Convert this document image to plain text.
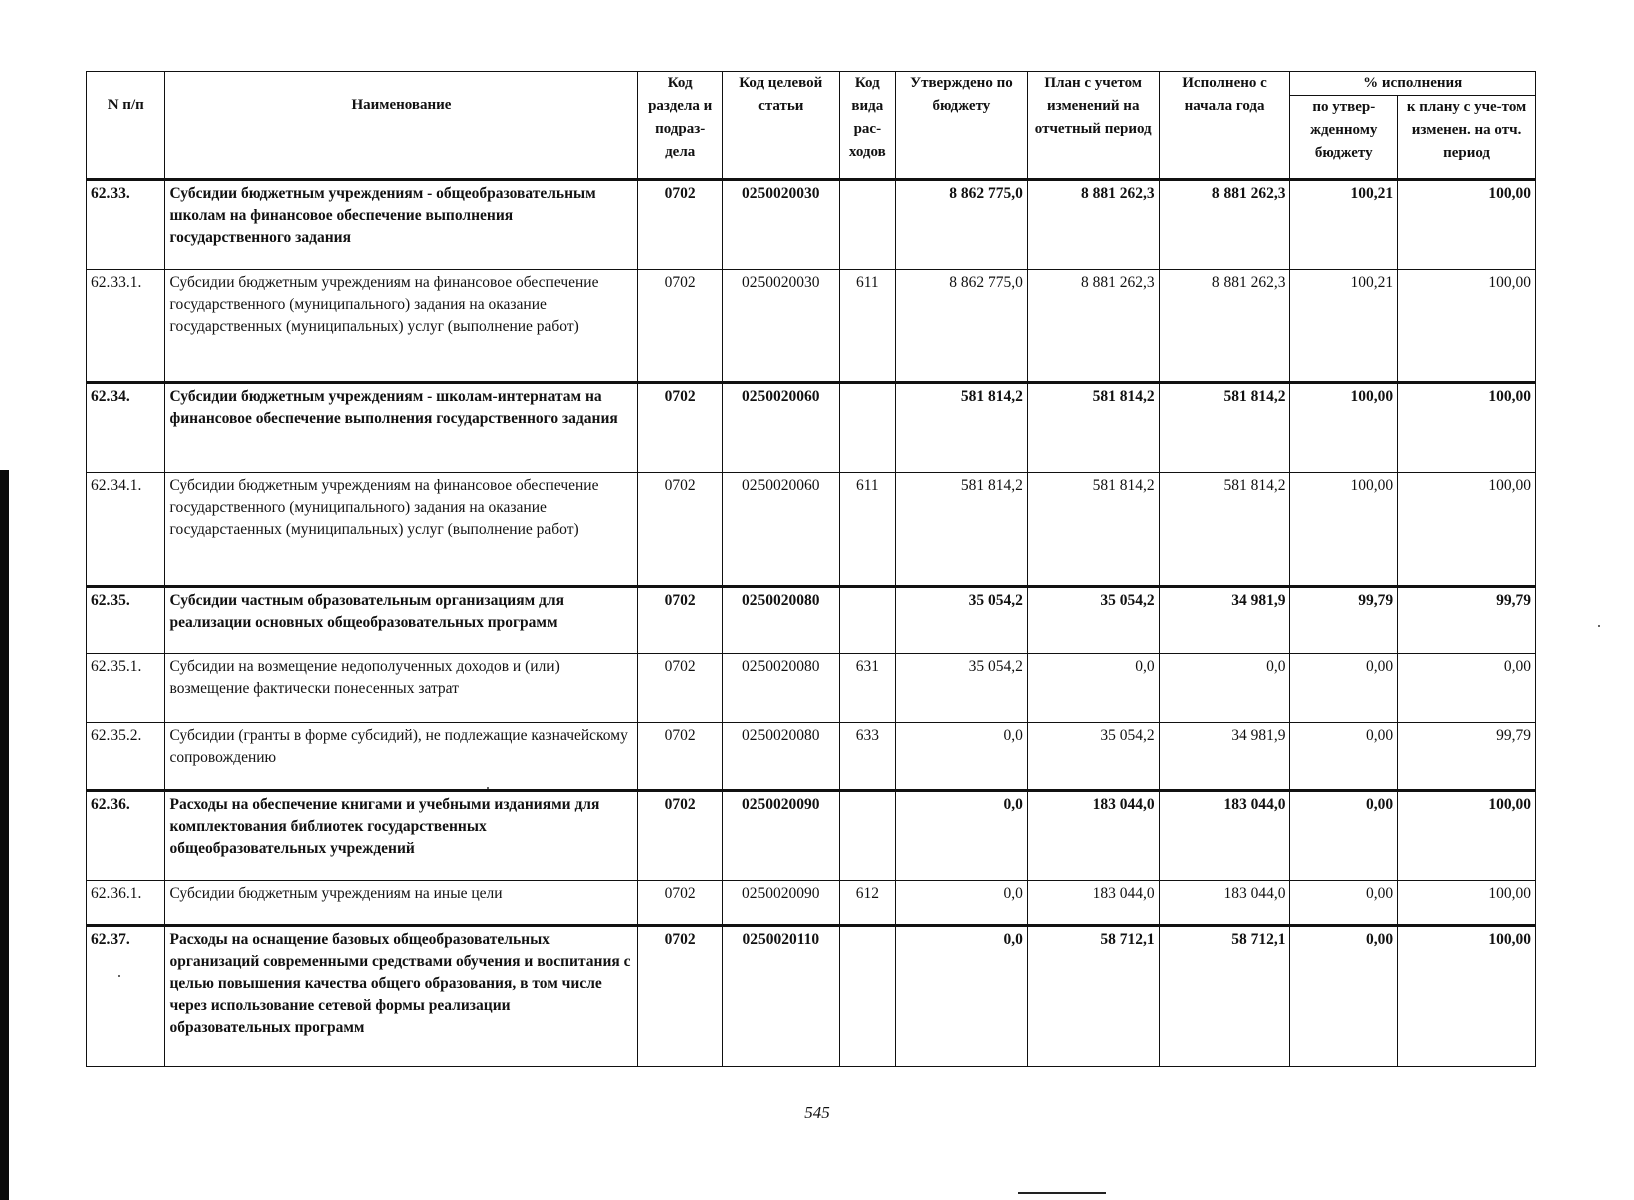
N п/п	Наименование	Код раздела и подраз-дела	Код целевой статьи	Код вида рас-ходов	Утверждено по бюджету	План с учетом изменений на отчетный период	Исполнено с начала года	% исполнения	
								по утвер-жденному бюджету	к плану с уче-том изменен. на отч. период
62.33.	Субсидии бюджетным учреждениям - общеобразовательным школам на финансовое обеспечение выполнения государственного задания	0702	0250020030		8 862 775,0	8 881 262,3	8 881 262,3	100,21	100,00
62.33.1.	Субсидии бюджетным учреждениям на финансовое обеспечение государственного (муниципального) задания на оказание государственных (муниципальных) услуг (выполнение работ)	0702	0250020030	611	8 862 775,0	8 881 262,3	8 881 262,3	100,21	100,00
62.34.	Субсидии бюджетным учреждениям - школам-интернатам на финансовое обеспечение выполнения государственного задания	0702	0250020060		581 814,2	581 814,2	581 814,2	100,00	100,00
62.34.1.	Субсидии бюджетным учреждениям на финансовое обеспечение государственного (муниципального) задания на оказание государстаенных (муниципальных) услуг (выполнение работ)	0702	0250020060	611	581 814,2	581 814,2	581 814,2	100,00	100,00
62.35.	Субсидии частным образовательным организациям для реализации основных общеобразовательных программ	0702	0250020080		35 054,2	35 054,2	34 981,9	99,79	99,79
62.35.1.	Субсидии на возмещение недополученных доходов и (или) возмещение фактически понесенных затрат	0702	0250020080	631	35 054,2	0,0	0,0	0,00	0,00
62.35.2.	Субсидии (гранты в форме субсидий), не подлежащие казначейскому сопровождению	0702	0250020080	633	0,0	35 054,2	34 981,9	0,00	99,79
62.36.	Расходы на обеспечение книгами и учебными изданиями для комплектования библиотек государственных общеобразовательных учреждений	0702	0250020090		0,0	183 044,0	183 044,0	0,00	100,00
62.36.1.	Субсидии бюджетным учреждениям на иные цели	0702	0250020090	612	0,0	183 044,0	183 044,0	0,00	100,00
62.37.	Расходы на оснащение базовых общеобразовательных организаций современными средствами обучения и воспитания с целью повышения качества общего образования, в том числе через использование сетевой формы реализации образовательных программ	0702	0250020110		0,0	58 712,1	58 712,1	0,00	100,00
545
